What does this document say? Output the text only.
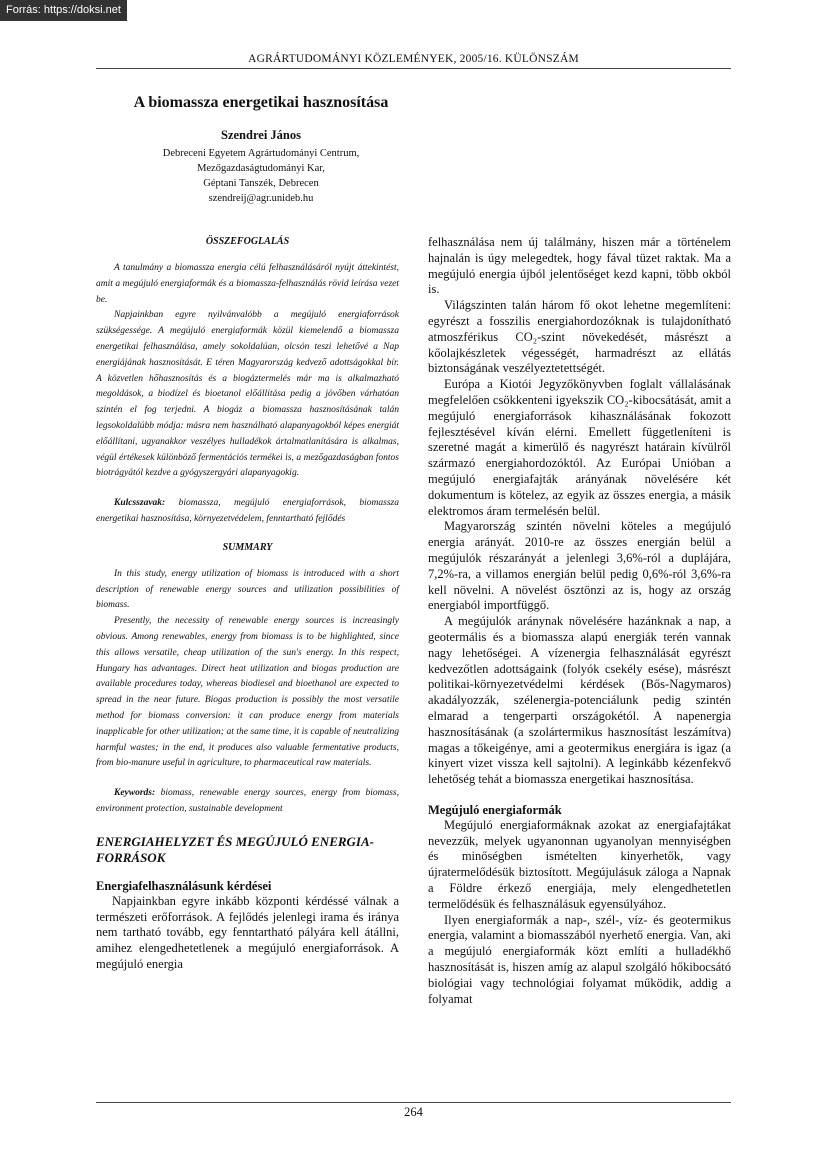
Forrás: https://doksi.net
AGRÁRTUDOMÁNYI KÖZLEMÉNYEK, 2005/16. KÜLÖNSZÁM
A biomassza energetikai hasznosítása
Szendrei János
Debreceni Egyetem Agrártudományi Centrum,
Mezőgazdaságtudományi Kar,
Géptani Tanszék, Debrecen
szendreij@agr.unideb.hu
ÖSSZEFOGLALÁS

A tanulmány a biomassza energia célú felhasználásáról nyújt áttekintést, amit a megújuló energiaformák és a biomassza-felhasználás rövid leírása vezet be.

Napjainkban egyre nyilvánvalóbb a megújuló energiaforrások szükségessége. A megújuló energiaformák közül kiemelendő a biomassza energetikai felhasználása, amely sokoldalúan, olcsón teszi lehetővé a Nap energiájának hasznosítását. E téren Magyarország kedvező adottságokkal bír. A közvetlen hőhasznosítás és a biogáztermelés már ma is alkalmazható megoldások, a biodízel és bioetanol előállítása pedig a jövőben várhatóan szintén el fog terjedni. A biogáz a biomassza hasznosításának talán legsokoldalúbb módja: másra nem használható alapanyagokból képes energiát előállítani, ugyanakkor veszélyes hulladékok ártalmatlanítására is alkalmas, végül értékesek különböző fermentációs termékei is, a mezőgazdaságban fontos biotrágyától kezdve a gyógyszergyári alapanyagokig.

Kulcsszavak: biomassza, megújuló energiaforrások, biomassza energetikai hasznosítása, környezetvédelem, fenntartható fejlődés

SUMMARY

In this study, energy utilization of biomass is introduced with a short description of renewable energy sources and utilization possibilities of biomass.

Presently, the necessity of renewable energy sources is increasingly obvious. Among renewables, energy from biomass is to be highlighted, since this allows versatile, cheap utilization of the sun's energy. In this respect, Hungary has advantages. Direct heat utilization and biogas production are available procedures today, whereas biodiesel and bioethanol are expected to spread in the near future. Biogas production is possibly the most versatile method for biomass conversion: it can produce energy from materials inapplicable for other utilization; at the same time, it is capable of neutralizing harmful wastes; in the end, it produces also valuable fermentative products, from bio-manure useful in agriculture, to pharmaceutical raw materials.

Keywords: biomass, renewable energy sources, energy from biomass, environment protection, sustainable development

ENERGIAHELYZET ÉS MEGÚJULÓ ENERGIA-FORRÁSOK
Energiafelhasználásunk kérdései

Napjainkban egyre inkább központi kérdéssé válnak a természeti erőforrások. A fejlődés jelenlegi irama és iránya nem tartható tovább, egy fenntartható pályára kell átállni, amihez elengedhetetlenek a megújuló energiaforrások. A megújuló energia

felhasználása nem új találmány, hiszen már a történelem hajnalán is úgy melegedtek, hogy fával tüzet raktak. Ma a megújuló energia újból jelentőséget kezd kapni, több okból is.

Világszinten talán három fő okot lehetne megemlíteni: egyrészt a fosszilis energiahordozóknak is tulajdonítható atmoszférikus CO₂-szint növekedését, másrészt a kőolajkészletek végességét, harmadrészt az ellátás biztonságának veszélyeztetettségét.

Európa a Kiotói Jegyzőkönyvben foglalt vállalásának megfelelően csökkenteni igyekszik CO₂-kibocsátását, amit a megújuló energiaforrások kihasználásának fokozott fejlesztésével kíván elérni. Emellett függetleníteni is szeretné magát a kimerülő és nagyrészt határain kívülről származó energiahordozóktól. Az Európai Unióban a megújuló energiafajták arányának növelésére két dokumentum is kötelez, az egyik az összes energia, a másik elektromos áram termelésén belül.

Magyarország szintén növelni köteles a megújuló energia arányát. 2010-re az összes energián belül a megújulók részarányát a jelenlegi 3,6%-ról a duplájára, 7,2%-ra, a villamos energián belül pedig 0,6%-ról 3,6%-ra kell növelni. A növelést ösztönzi az is, hogy az ország energiaból importfüggő.

A megújulók aránynak növelésére hazánknak a nap, a geotermális és a biomassza alapú energiák terén vannak nagy lehetőségei. A vízenergia felhasználását egyrészt kedvezőtlen adottságaink (folyók csekély esése), másrészt politikai-környezetvédelmi kérdések (Bős-Nagymaros) akadályozzák, szélenergia-potenciálunk pedig szintén elmarad a tengerparti országokétól. A napenergia hasznosításának (a szolártermikus hasznosítást leszámítva) magas a tőkeigénye, ami a geotermikus energiára is igaz (a kinyert vizet vissza kell sajtolni). A leginkább kézenfekvő lehetőség tehát a biomassza energetikai hasznosítása.

Megújuló energiaformák

Megújuló energiaformáknak azokat az energiafajtákat nevezzük, melyek ugyanonnan ugyanolyan mennyiségben és minőségben ismételten kinyerhetők, vagy újratermelődésük biztosított. Megújulásuk záloga a Napnak a Földre érkező energiája, mely elengedhetetlen termelődésük és felhasználásuk egyensúlyához.

Ilyen energiaformák a nap-, szél-, víz- és geotermikus energia, valamint a biomasszából nyerhető energia. Van, aki a megújuló energiaformák közt említi a hulladékhő hasznosítását is, hiszen amíg az alapul szolgáló hőkibocsátó biológiai vagy technológiai folyamat működik, addig a folyamat

264
